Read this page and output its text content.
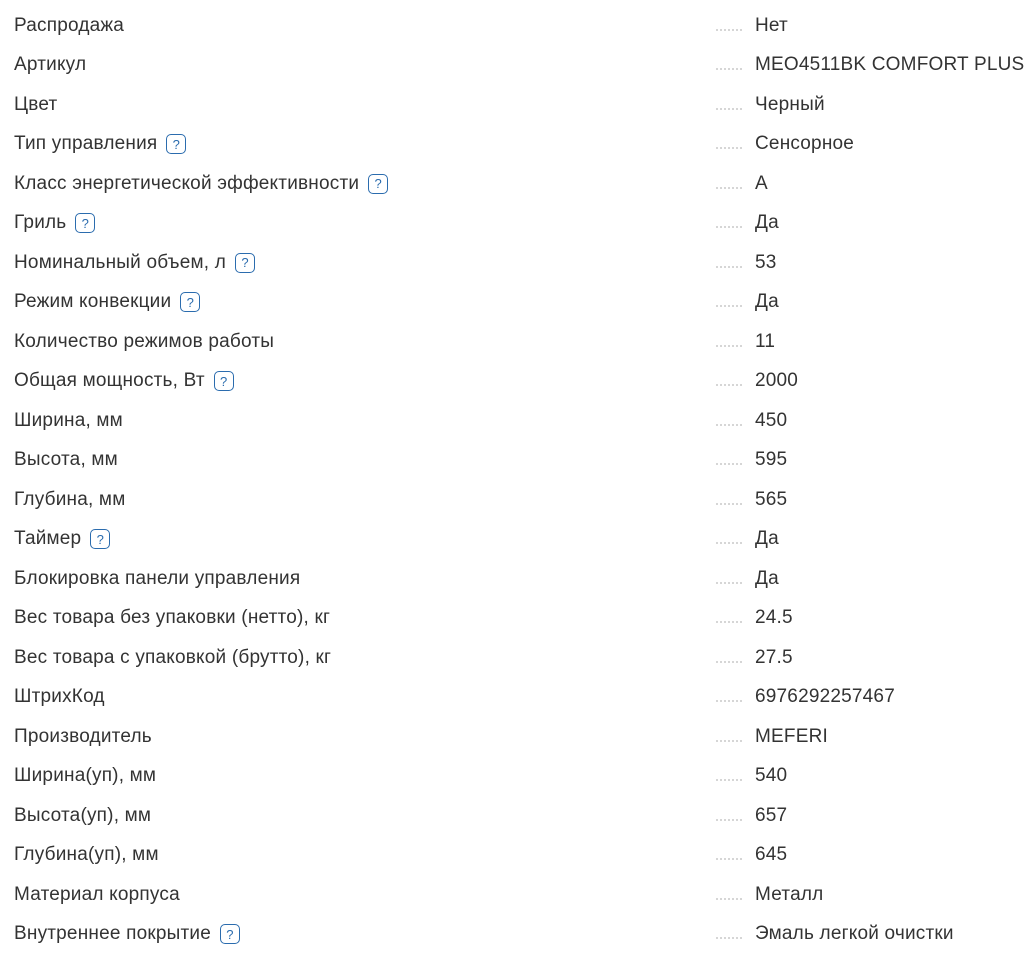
Распродажа	Нет
Артикул	MEO4511BK COMFORT PLUS
Цвет	Черный
Тип управления	?	Сенсорное
Класс энергетической эффективности	?	А
Гриль	?	Да
Номинальный объем, л	?	53
Режим конвекции	?	Да
Количество режимов работы	11
Общая мощность, Вт	?	2000
Ширина, мм	450
Высота, мм	595
Глубина, мм	565
Таймер	?	Да
Блокировка панели управления	Да
Вес товара без упаковки (нетто), кг	24.5
Вес товара с упаковкой (брутто), кг	27.5
ШтрихКод	6976292257467
Производитель	MEFERI
Ширина(уп), мм	540
Высота(уп), мм	657
Глубина(уп), мм	645
Материал корпуса	Металл
Внутреннее покрытие	?	Эмаль легкой очистки
